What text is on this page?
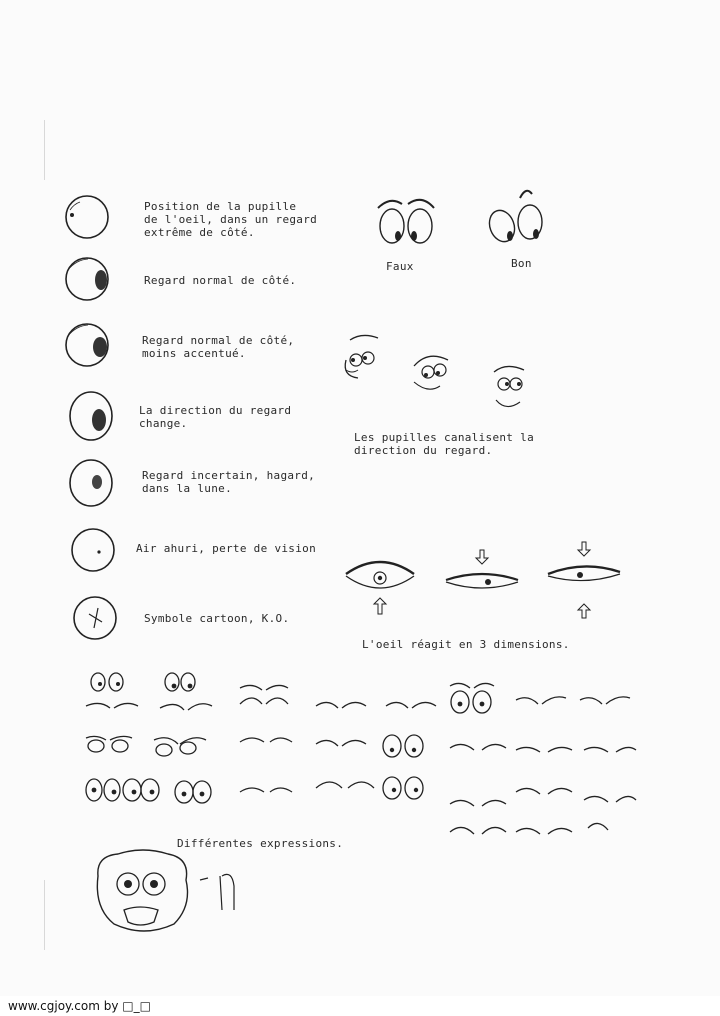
Position de la pupille
de l'oeil, dans un regard
extrême de côté.
Regard normal de côté.
Regard normal de côté,
moins accentué.
La direction du regard
change.
Regard incertain, hagard,
dans la lune.
Air ahuri, perte de vision
Symbole cartoon, K.O.
Faux	Bon
Les pupilles canalisent la
direction du regard.
L'oeil réagit en 3 dimensions.
Différentes expressions.
www.cgjoy.com by □_□
